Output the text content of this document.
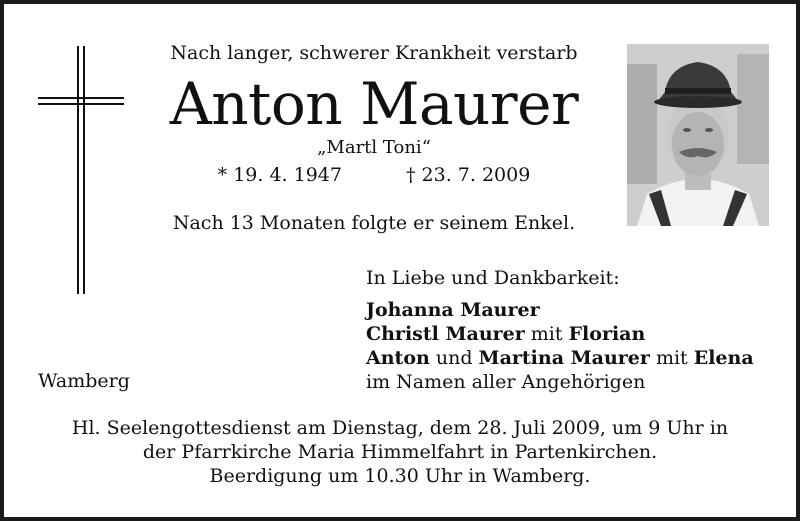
Nach langer, schwerer Krankheit verstarb
Anton Maurer
„Martl Toni“
* 19. 4. 1947	† 23. 7. 2009
Nach 13 Monaten folgte er seinem Enkel.
In Liebe und Dankbarkeit:
Johanna Maurer
Christl Maurer mit Florian
Anton und Martina Maurer mit Elena
im Namen aller Angehörigen
Wamberg
Hl. Seelengottesdienst am Dienstag, dem 28. Juli 2009, um 9 Uhr in
der Pfarrkirche Maria Himmelfahrt in Partenkirchen.
Beerdigung um 10.30 Uhr in Wamberg.
